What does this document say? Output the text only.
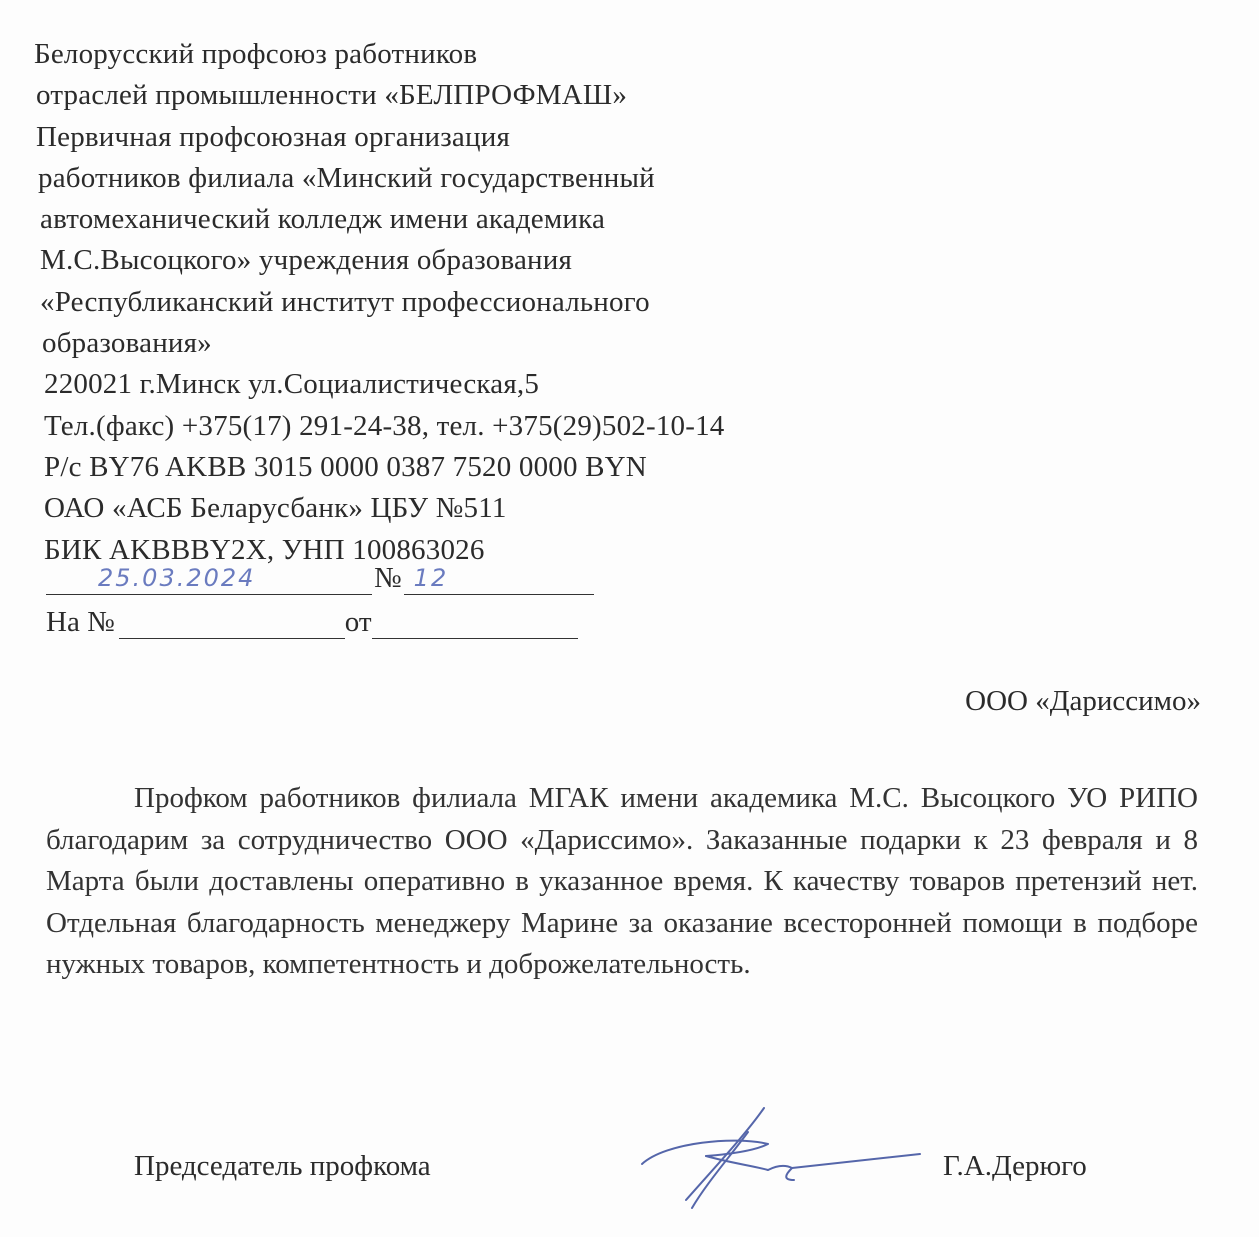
Белорусский профсоюз работников
отраслей промышленности «БЕЛПРОФМАШ»
Первичная профсоюзная организация
работников филиала «Минский государственный
автомеханический колледж имени академика
М.С.Высоцкого» учреждения образования
«Республиканский институт профессионального
образования»
220021 г.Минск ул.Социалистическая,5
Тел.(факс) +375(17) 291-24-38, тел. +375(29)502-10-14
Р/с BY76 AKBB 3015 0000 0387 7520 0000 BYN
ОАО «АСБ Беларусбанк» ЦБУ №511
БИК AKBBBY2X, УНП 100863026
25.03.2024	№ 12
На №	от
ООО «Дариссимо»
Профком работников филиала МГАК имени академика М.С. Высоцкого УО РИПО благодарим за сотрудничество ООО «Дариссимо». Заказанные подарки к 23 февраля и 8 Марта были доставлены оперативно в указанное время. К качеству товаров претензий нет. Отдельная благодарность менеджеру Марине за оказание всесторонней помощи в подборе нужных товаров, компетентность и доброжелательность.
Председатель профкома	Г.А.Дерюго
